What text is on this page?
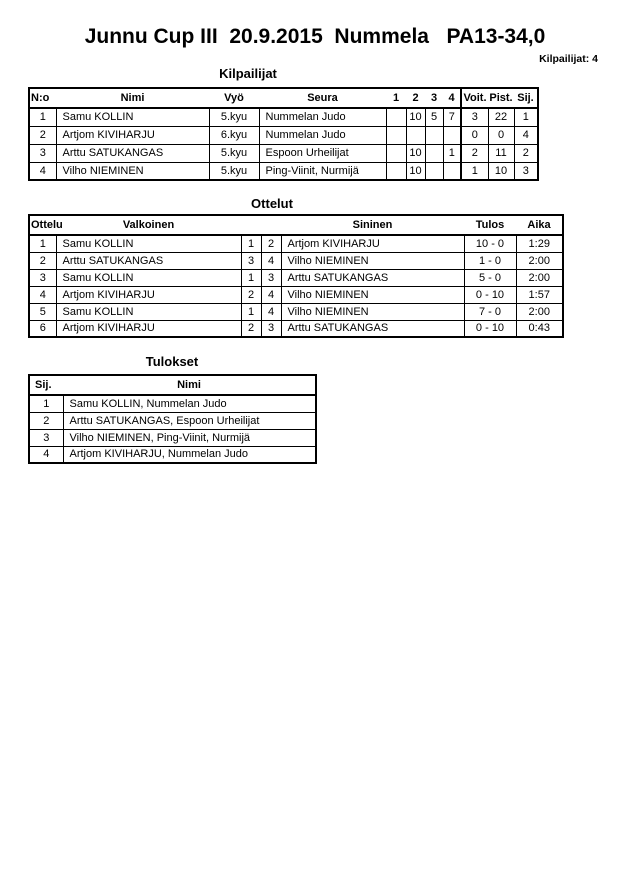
Junnu Cup III  20.9.2015  Nummela   PA13-34,0
Kilpailijat: 4
Kilpailijat
N:o	Nimi	Vyö	Seura	1	2	3	4	Voit.	Pist.	Sij.
1	Samu KOLLIN	5.kyu	Nummelan Judo		10	5	7	3	22	1
2	Artjom KIVIHARJU	6.kyu	Nummelan Judo					0	0	4
3	Arttu SATUKANGAS	5.kyu	Espoon Urheilijat		10		1	2	11	2
4	Vilho NIEMINEN	5.kyu	Ping-Viinit, Nurmijä		10			1	10	3
Ottelut
Ottelu	Valkoinen			Sininen	Tulos	Aika
1	Samu KOLLIN	1	2	Artjom KIVIHARJU	10 - 0	1:29
2	Arttu SATUKANGAS	3	4	Vilho NIEMINEN	1 - 0	2:00
3	Samu KOLLIN	1	3	Arttu SATUKANGAS	5 - 0	2:00
4	Artjom KIVIHARJU	2	4	Vilho NIEMINEN	0 - 10	1:57
5	Samu KOLLIN	1	4	Vilho NIEMINEN	7 - 0	2:00
6	Artjom KIVIHARJU	2	3	Arttu SATUKANGAS	0 - 10	0:43
Tulokset
Sij.	Nimi
1	Samu KOLLIN, Nummelan Judo
2	Arttu SATUKANGAS, Espoon Urheilijat
3	Vilho NIEMINEN, Ping-Viinit, Nurmijä
4	Artjom KIVIHARJU, Nummelan Judo
